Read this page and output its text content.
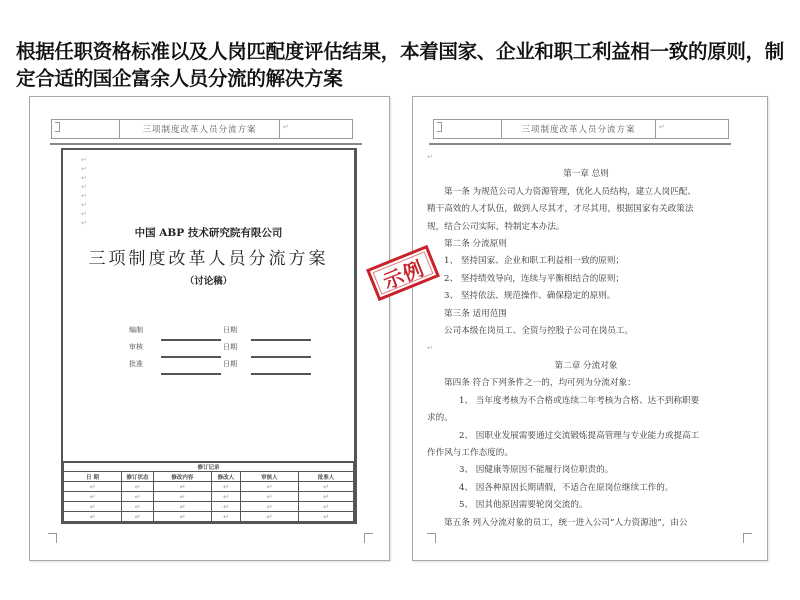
根据任职资格标准以及人岗匹配度评估结果，本着国家、企业和职工利益相一致的原则，制定合适的国企富余人员分流的解决方案
三项制度改革人员分流方案	↵
↵
↵
↵
↵
↵
↵
↵
↵
中国 ABP 技术研究院有限公司
三项制度改革人员分流方案
（讨论稿）
编制	日期
审核	日期
批准	日期
修订记录					
日 期	修订状态	修改内容	修改人	审核人	批准人
↵	↵	↵	↵	↵	↵
↵	↵	↵	↵	↵	↵
↵	↵	↵	↵	↵	↵
↵	↵	↵	↵	↵	↵
三项制度改革人员分流方案	↵

↵

第一章 总则

第一条 为规范公司人力资源管理，优化人员结构，建立人岗匹配、

精干高效的人才队伍，做到人尽其才，才尽其用，根据国家有关政策法

规，结合公司实际，特制定本办法。

第二条 分流原则

1、 坚持国家、企业和职工利益相一致的原则；

2、 坚持绩效导向，连续与平衡相结合的原则；

3、 坚持依法、规范操作、确保稳定的原则。

第三条 适用范围

公司本级在岗员工、全资与控股子公司在岗员工。

↵

第二章 分流对象

第四条 符合下列条件之一的，均可列为分流对象：

1、 当年度考核为不合格或连续二年考核为合格、达不到称职要

求的。

2、 因职业发展需要通过交流锻炼提高管理与专业能力或提高工

作作风与工作态度的。

3、 因健康等原因不能履行岗位职责的。

4、 因各种原因长期请假，不适合在原岗位继续工作的。

5、 因其他原因需要轮岗交流的。

第五条 列入分流对象的员工，统一进入公司“人力资源池”，由公

示例
